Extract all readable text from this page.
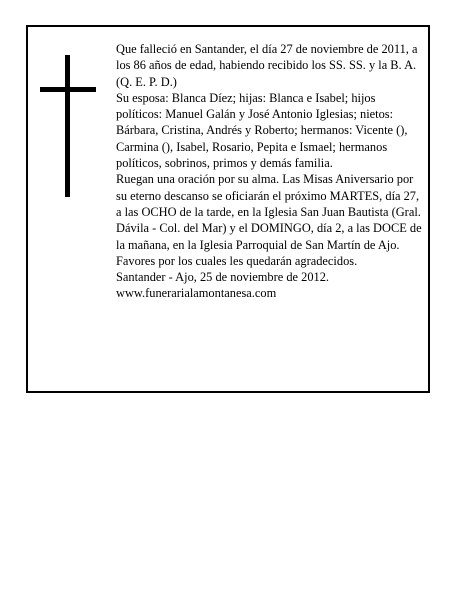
Que falleció en Santander, el día 27 de noviembre de 2011, a los 86 años de edad, habiendo recibido los SS. SS. y la B. A.

(Q. E. P. D.)

Su esposa: Blanca Díez; hijas: Blanca e Isabel; hijos políticos: Manuel Galán y José Antonio Iglesias; nietos: Bárbara, Cristina, Andrés y Roberto; hermanos: Vicente (), Carmina (), Isabel, Rosario, Pepita e Ismael; hermanos políticos, sobrinos, primos y demás familia.

Ruegan una oración por su alma. Las Misas Aniversario por su eterno descanso se oficiarán el próximo MARTES, día 27, a las OCHO de la tarde, en la Iglesia San Juan Bautista (Gral. Dávila - Col. del Mar) y el DOMINGO, día 2, a las DOCE de la mañana, en la Iglesia Parroquial de San Martín de Ajo. Favores por los cuales les quedarán agradecidos.

Santander - Ajo, 25 de noviembre de 2012.

www.funerarialamontanesa.com
